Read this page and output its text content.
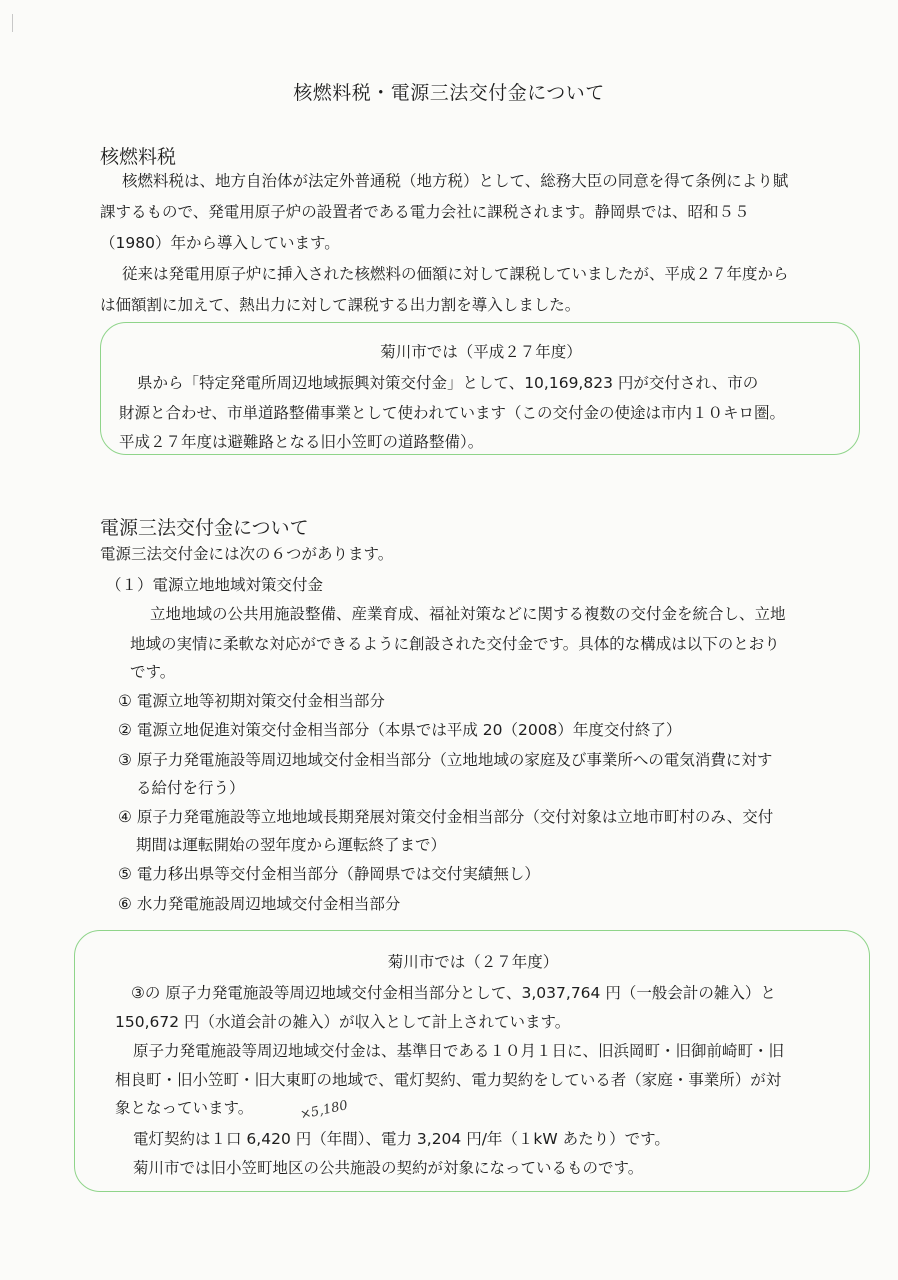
核燃料税・電源三法交付金について
核燃料税
核燃料税は、地方自治体が法定外普通税（地方税）として、総務大臣の同意を得て条例により賦
課するもので、発電用原子炉の設置者である電力会社に課税されます。静岡県では、昭和５５
（1980）年から導入しています。
従来は発電用原子炉に挿入された核燃料の価額に対して課税していましたが、平成２７年度から
は価額割に加えて、熱出力に対して課税する出力割を導入しました。
菊川市では（平成２７年度）
県から「特定発電所周辺地域振興対策交付金」として、10,169,823 円が交付され、市の
財源と合わせ、市単道路整備事業として使われています（この交付金の使途は市内１０キロ圏。
平成２７年度は避難路となる旧小笠町の道路整備）。
電源三法交付金について
電源三法交付金には次の６つがあります。
（１）電源立地地域対策交付金
立地地域の公共用施設整備、産業育成、福祉対策などに関する複数の交付金を統合し、立地
地域の実情に柔軟な対応ができるように創設された交付金です。具体的な構成は以下のとおり
です。
① 電源立地等初期対策交付金相当部分
② 電源立地促進対策交付金相当部分（本県では平成 20（2008）年度交付終了）
③ 原子力発電施設等周辺地域交付金相当部分（立地地域の家庭及び事業所への電気消費に対す
る給付を行う）
④ 原子力発電施設等立地地域長期発展対策交付金相当部分（交付対象は立地市町村のみ、交付
期間は運転開始の翌年度から運転終了まで）
⑤ 電力移出県等交付金相当部分（静岡県では交付実績無し）
⑥ 水力発電施設周辺地域交付金相当部分
菊川市では（２７年度）
③の 原子力発電施設等周辺地域交付金相当部分として、3,037,764 円（一般会計の雑入）と
150,672 円（水道会計の雑入）が収入として計上されています。
原子力発電施設等周辺地域交付金は、基準日である１０月１日に、旧浜岡町・旧御前崎町・旧
相良町・旧小笠町・旧大東町の地域で、電灯契約、電力契約をしている者（家庭・事業所）が対
象となっています。
電灯契約は１口 6,420 円（年間）、電力 3,204 円/年（１kW あたり）です。
菊川市では旧小笠町地区の公共施設の契約が対象になっているものです。
×5,180
